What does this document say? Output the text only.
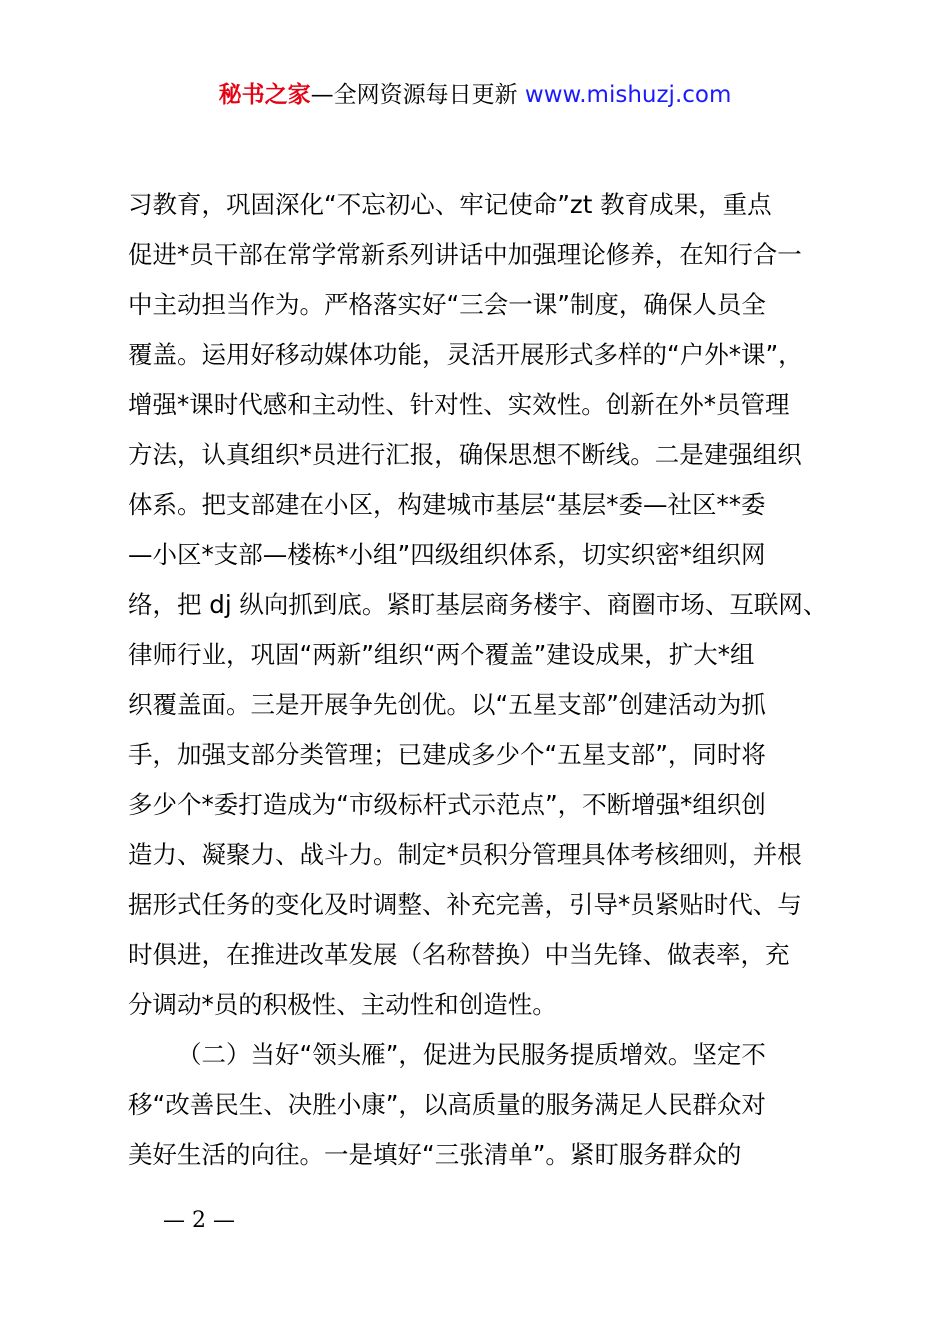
秘书之家—全网资源每日更新 www.mishuzj.com
习教育，巩固深化“不忘初心、牢记使命”zt 教育成果，重点
促进*员干部在常学常新系列讲话中加强理论修养，在知行合一
中主动担当作为。严格落实好“三会一课”制度，确保人员全
覆盖。运用好移动媒体功能，灵活开展形式多样的“户外*课”，
增强*课时代感和主动性、针对性、实效性。创新在外*员管理
方法，认真组织*员进行汇报，确保思想不断线。二是建强组织
体系。把支部建在小区，构建城市基层“基层*委—社区**委
—小区*支部—楼栋*小组”四级组织体系，切实织密*组织网
络，把 dj 纵向抓到底。紧盯基层商务楼宇、商圈市场、互联网、
律师行业，巩固“两新”组织“两个覆盖”建设成果，扩大*组
织覆盖面。三是开展争先创优。以“五星支部”创建活动为抓
手，加强支部分类管理；已建成多少个“五星支部”，同时将
多少个*委打造成为“市级标杆式示范点”，不断增强*组织创
造力、凝聚力、战斗力。制定*员积分管理具体考核细则，并根
据形式任务的变化及时调整、补充完善，引导*员紧贴时代、与
时俱进，在推进改革发展（名称替换）中当先锋、做表率，充
分调动*员的积极性、主动性和创造性。
（二）当好“领头雁”，促进为民服务提质增效。坚定不
移“改善民生、决胜小康”，以高质量的服务满足人民群众对
美好生活的向往。一是填好“三张清单”。紧盯服务群众的
— 2 —
